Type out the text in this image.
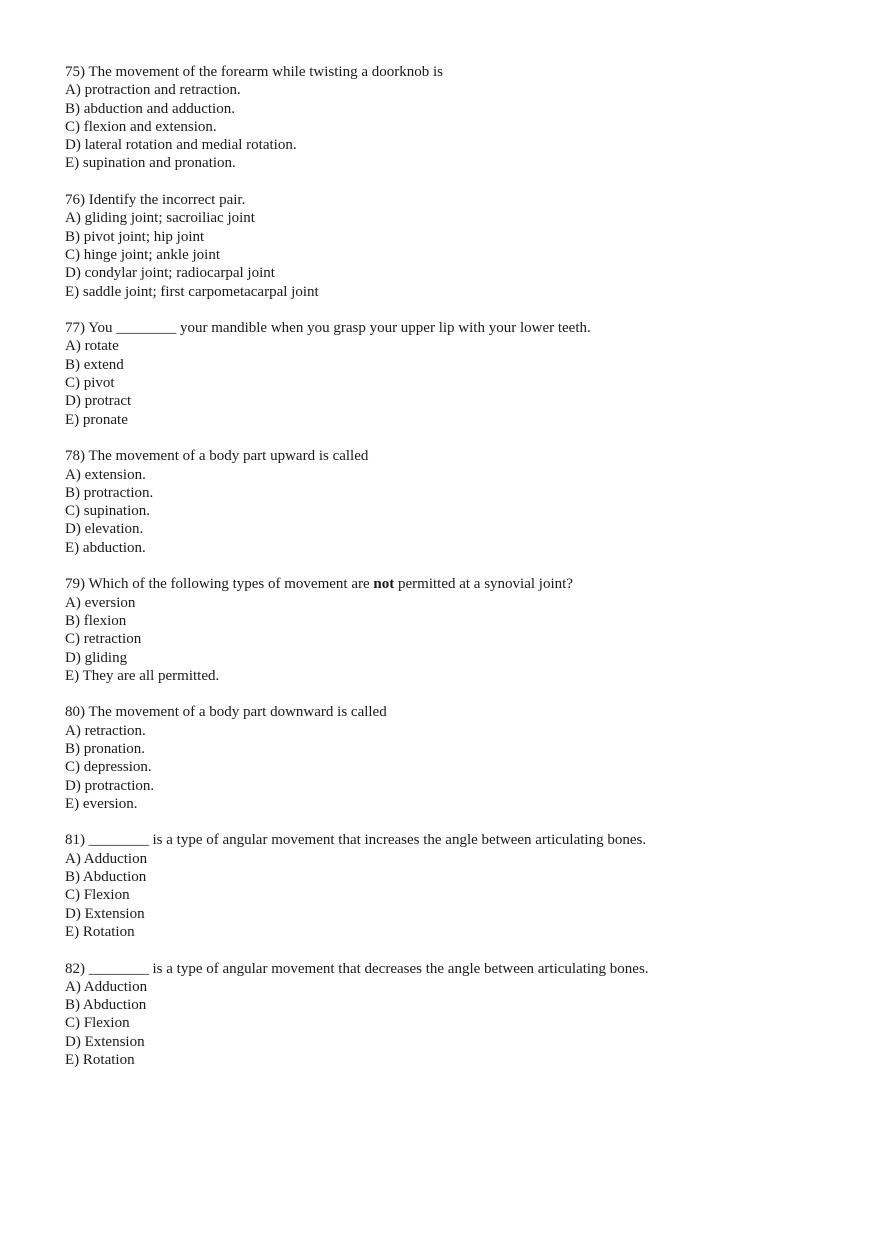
75) The movement of the forearm while twisting a doorknob is
A) protraction and retraction.
B) abduction and adduction.
C) flexion and extension.
D) lateral rotation and medial rotation.
E) supination and pronation.
76) Identify the incorrect pair.
A) gliding joint; sacroiliac joint
B) pivot joint; hip joint
C) hinge joint; ankle joint
D) condylar joint; radiocarpal joint
E) saddle joint; first carpometacarpal joint
77) You ________ your mandible when you grasp your upper lip with your lower teeth.
A) rotate
B) extend
C) pivot
D) protract
E) pronate
78) The movement of a body part upward is called
A) extension.
B) protraction.
C) supination.
D) elevation.
E) abduction.
79) Which of the following types of movement are not permitted at a synovial joint?
A) eversion
B) flexion
C) retraction
D) gliding
E) They are all permitted.
80) The movement of a body part downward is called
A) retraction.
B) pronation.
C) depression.
D) protraction.
E) eversion.
81) ________ is a type of angular movement that increases the angle between articulating bones.
A) Adduction
B) Abduction
C) Flexion
D) Extension
E) Rotation
82) ________ is a type of angular movement that decreases the angle between articulating bones.
A) Adduction
B) Abduction
C) Flexion
D) Extension
E) Rotation
